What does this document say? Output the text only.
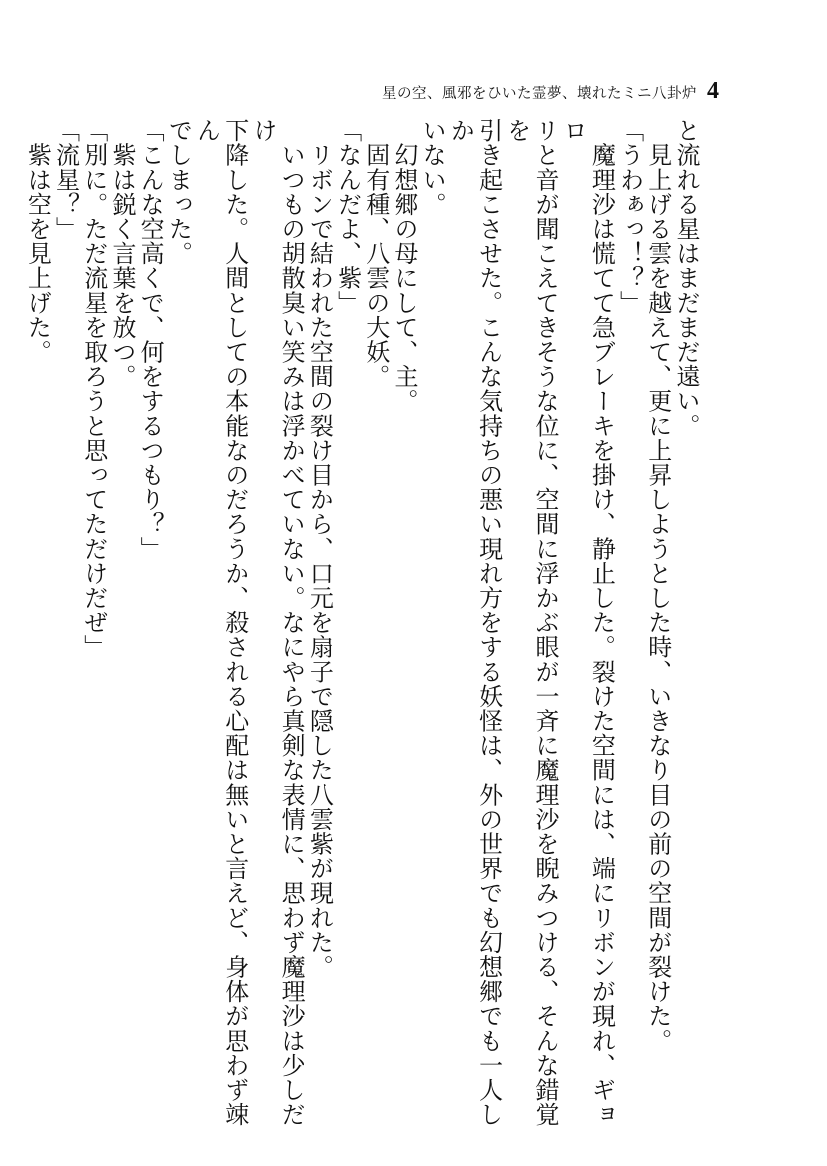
星の空、風邪をひいた霊夢、壊れたミニ八卦炉 4

と流れる星はまだまだ遠い。

　見上げる雲を越えて、更に上昇しようとした時、いきなり目の前の空間が裂けた。

「うわぁっ！？」

　魔理沙は慌てて急ブレーキを掛け、静止した。裂けた空間には、端にリボンが現れ、ギョロ

リと音が聞こえてきそうな位に、空間に浮かぶ眼が一斉に魔理沙を睨みつける、そんな錯覚を

引き起こさせた。こんな気持ちの悪い現れ方をする妖怪は、外の世界でも幻想郷でも一人しか

いない。

　幻想郷の母にして、主。

　固有種、八雲の大妖。

「なんだよ、紫」

　リボンで結われた空間の裂け目から、口元を扇子で隠した八雲紫が現れた。

　いつもの胡散臭い笑みは浮かべていない。なにやら真剣な表情に、思わず魔理沙は少しだけ

下降した。人間としての本能なのだろうか、殺される心配は無いと言えど、身体が思わず竦ん

でしまった。

「こんな空高くで、何をするつもり？」

　紫は鋭く言葉を放つ。

「別に。ただ流星を取ろうと思ってただけだぜ」

「流星？」

　紫は空を見上げた。
